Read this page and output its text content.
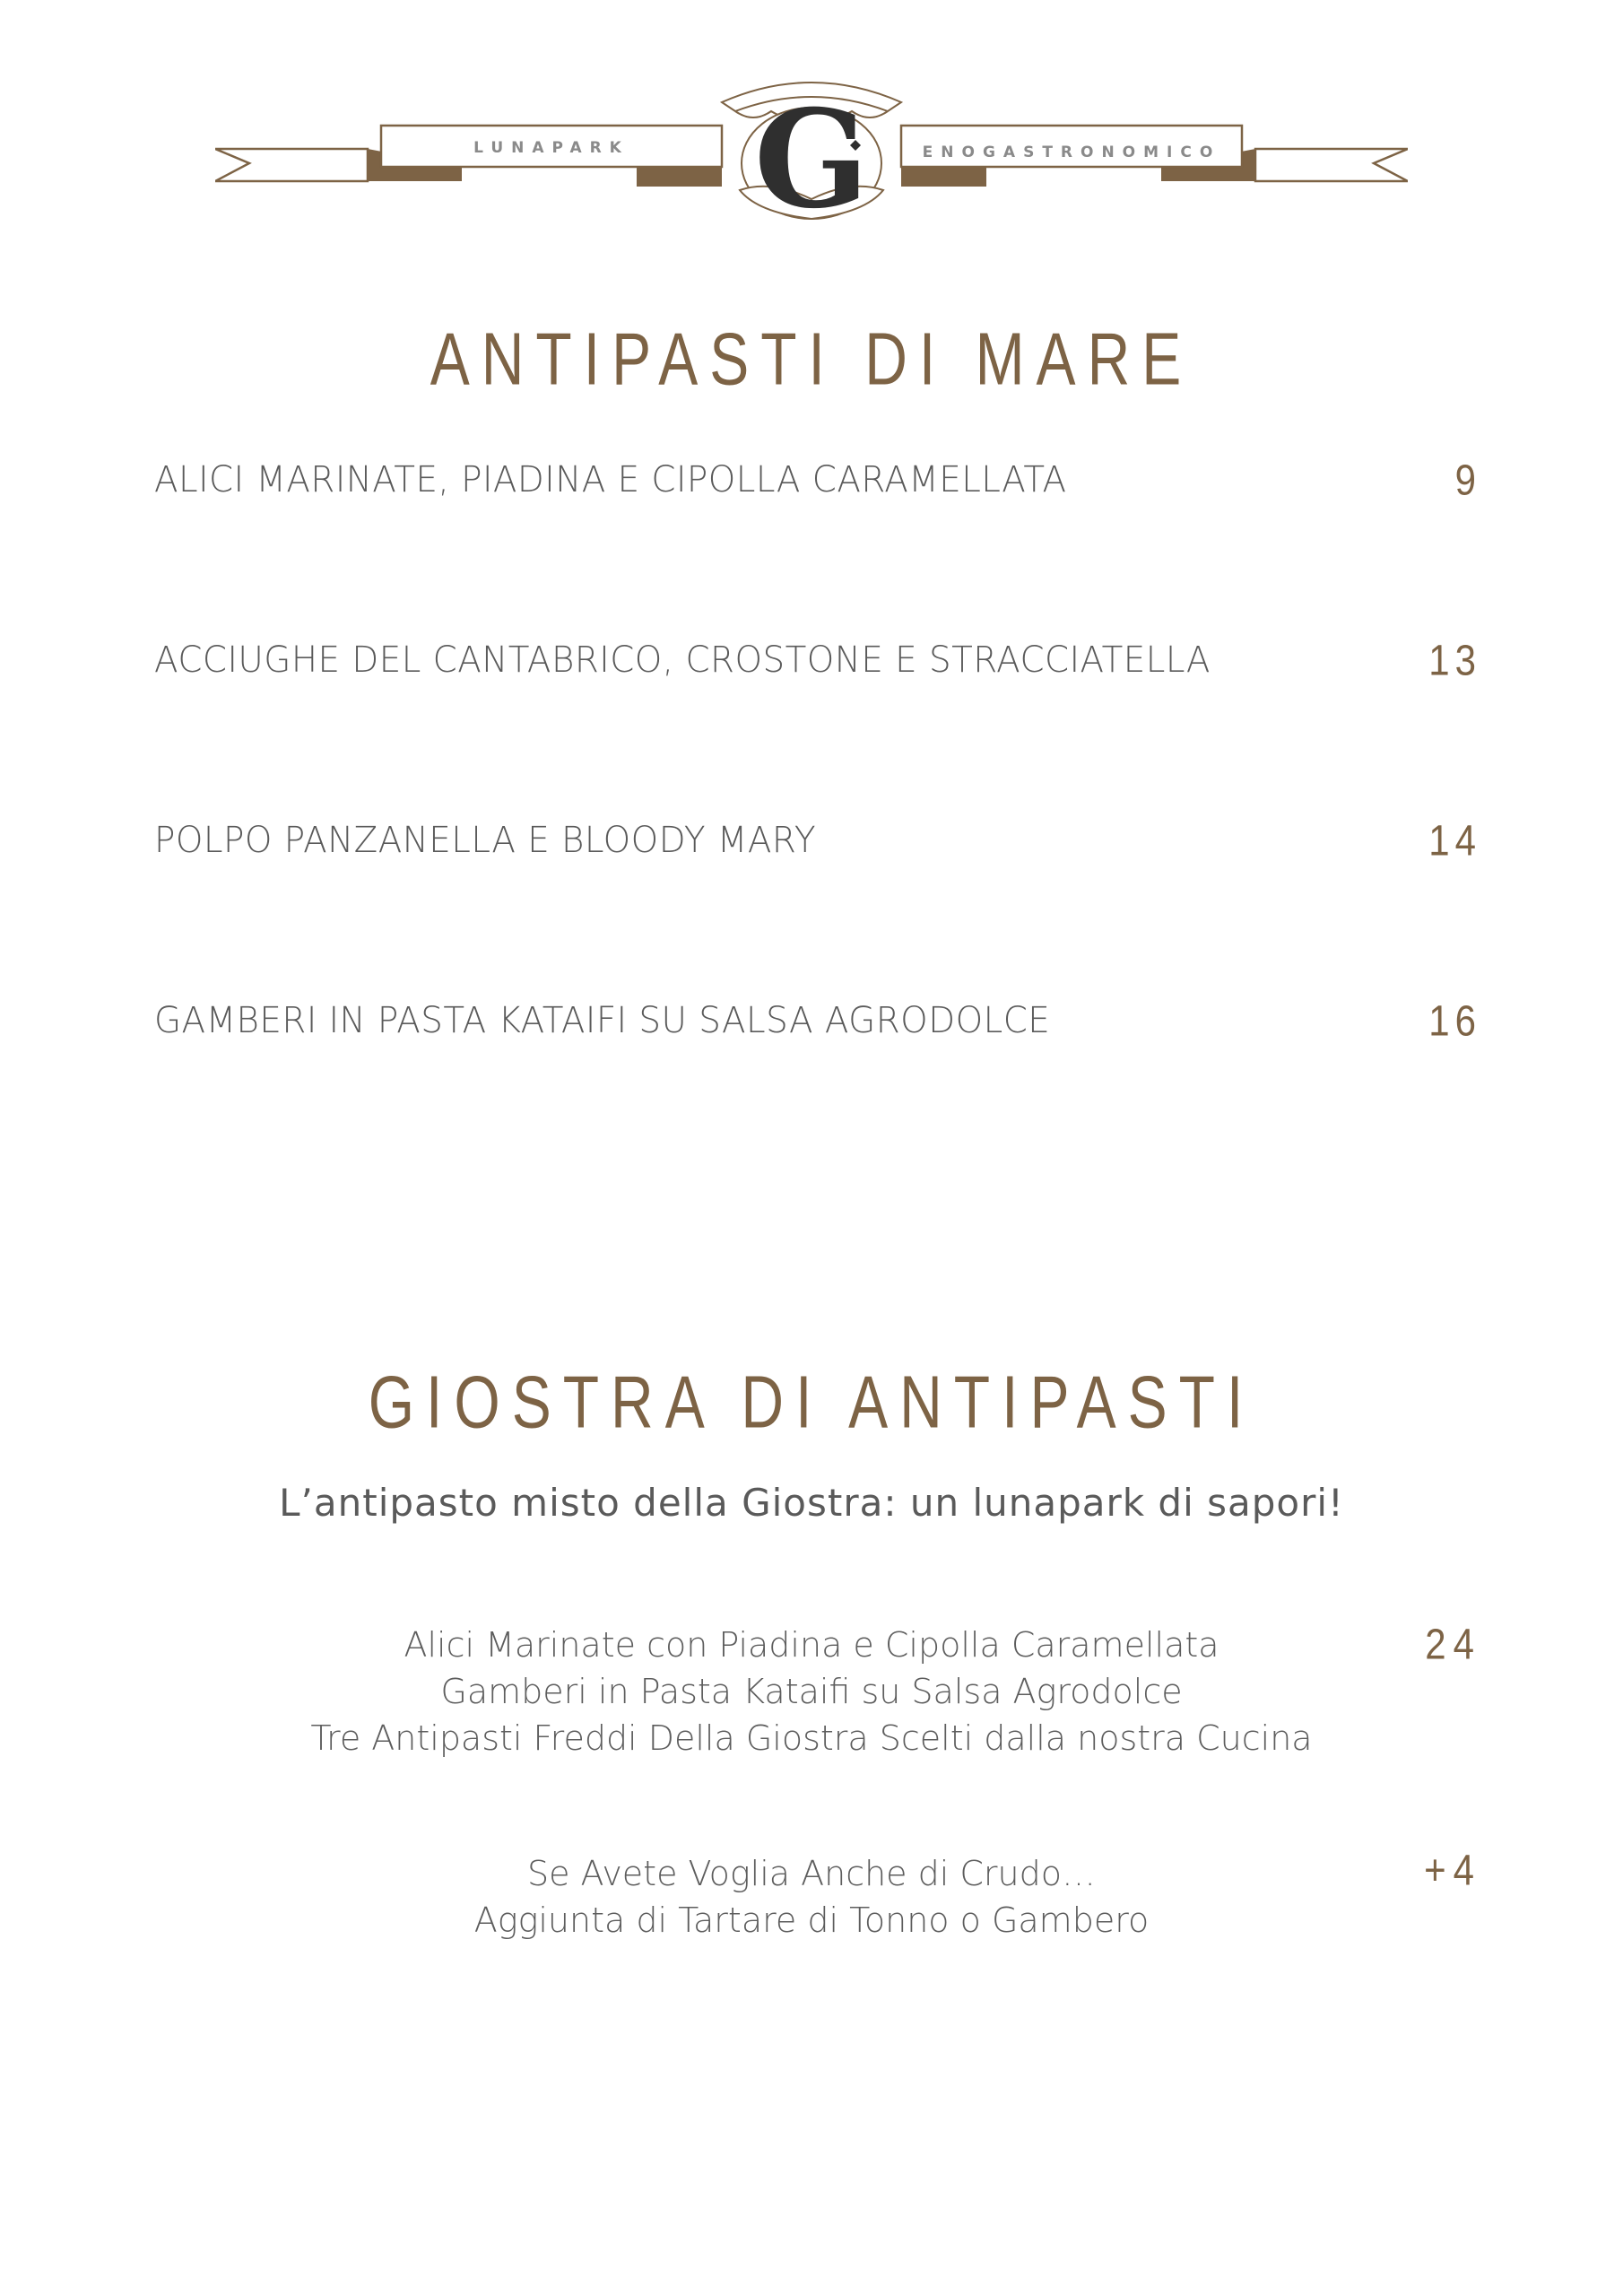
G
LUNAPARK	ENOGASTRONOMICO
ANTIPASTI DI MARE
ALICI MARINATE, PIADINA E CIPOLLA CARAMELLATA	9
ACCIUGHE DEL CANTABRICO, CROSTONE E STRACCIATELLA	13
POLPO PANZANELLA E BLOODY MARY	14
GAMBERI IN PASTA KATAIFI SU SALSA AGRODOLCE	16
GIOSTRA DI ANTIPASTI
L’antipasto misto della Giostra: un lunapark di sapori!
Alici Marinate con Piadina e Cipolla Caramellata
Gamberi in Pasta Kataifi su Salsa Agrodolce
Tre Antipasti Freddi Della Giostra Scelti dalla nostra Cucina
24
Se Avete Voglia Anche di Crudo…
Aggiunta di Tartare di Tonno o Gambero
+4
